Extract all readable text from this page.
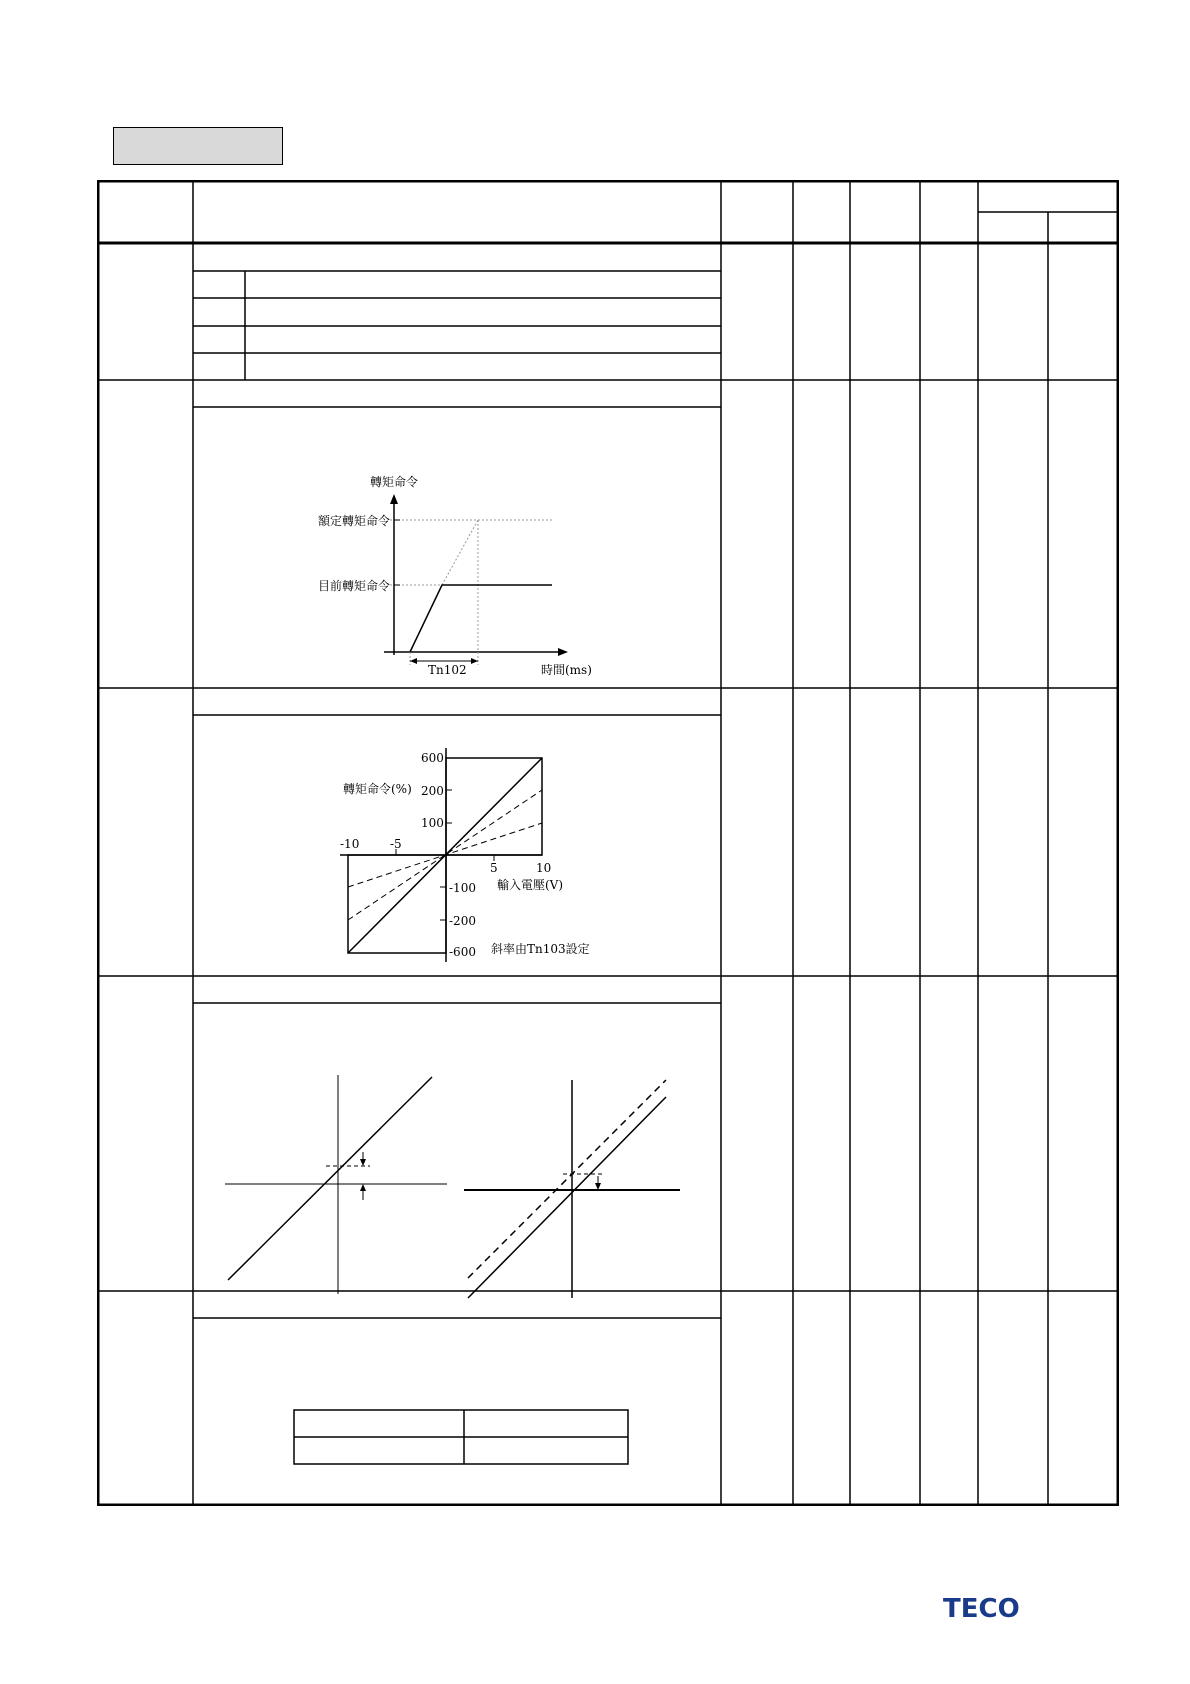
轉矩命令
額定轉矩命令
目前轉矩命令
Tn102	時間(ms)
600
200
100
-100
-200
-600
-10	-5
5	10
轉矩命令(%)
輸入電壓(V)
斜率由Tn103設定
TECO
